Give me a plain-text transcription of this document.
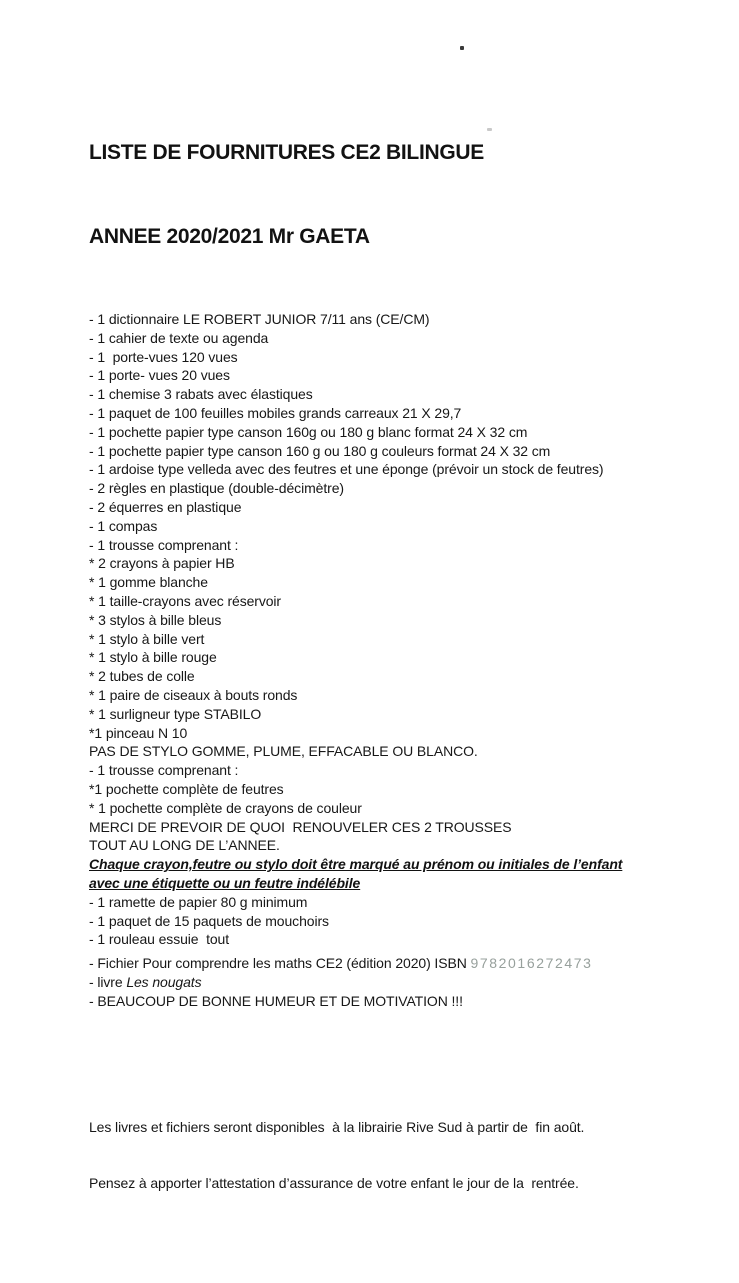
LISTE DE FOURNITURES CE2 BILINGUE

ANNEE 2020/2021 Mr GAETA

- 1 dictionnaire LE ROBERT JUNIOR 7/11 ans (CE/CM)
- 1 cahier de texte ou agenda
- 1  porte-vues 120 vues
- 1 porte- vues 20 vues
- 1 chemise 3 rabats avec élastiques
- 1 paquet de 100 feuilles mobiles grands carreaux 21 X 29,7
- 1 pochette papier type canson 160g ou 180 g blanc format 24 X 32 cm
- 1 pochette papier type canson 160 g ou 180 g couleurs format 24 X 32 cm
- 1 ardoise type velleda avec des feutres et une éponge (prévoir un stock de feutres)
- 2 règles en plastique (double-décimètre)
- 2 équerres en plastique
- 1 compas
- 1 trousse comprenant :
* 2 crayons à papier HB
* 1 gomme blanche
* 1 taille-crayons avec réservoir
* 3 stylos à bille bleus
* 1 stylo à bille vert
* 1 stylo à bille rouge
* 2 tubes de colle
* 1 paire de ciseaux à bouts ronds
* 1 surligneur type STABILO
*1 pinceau N 10
PAS DE STYLO GOMME, PLUME, EFFACABLE OU BLANCO.
- 1 trousse comprenant :
*1 pochette complète de feutres
* 1 pochette complète de crayons de couleur
MERCI DE PREVOIR DE QUOI  RENOUVELER CES 2 TROUSSES
TOUT AU LONG DE L’ANNEE.
Chaque crayon,feutre ou stylo doit être marqué au prénom ou initiales de l’enfant
avec une étiquette ou un feutre indélébile
- 1 ramette de papier 80 g minimum
- 1 paquet de 15 paquets de mouchoirs
- 1 rouleau essuie  tout
- Fichier Pour comprendre les maths CE2 (édition 2020) ISBN 9782016272473
- livre Les nougats
- BEAUCOUP DE BONNE HUMEUR ET DE MOTIVATION !!!

Les livres et fichiers seront disponibles  à la librairie Rive Sud à partir de  fin août.

Pensez à apporter l’attestation d’assurance de votre enfant le jour de la  rentrée.
